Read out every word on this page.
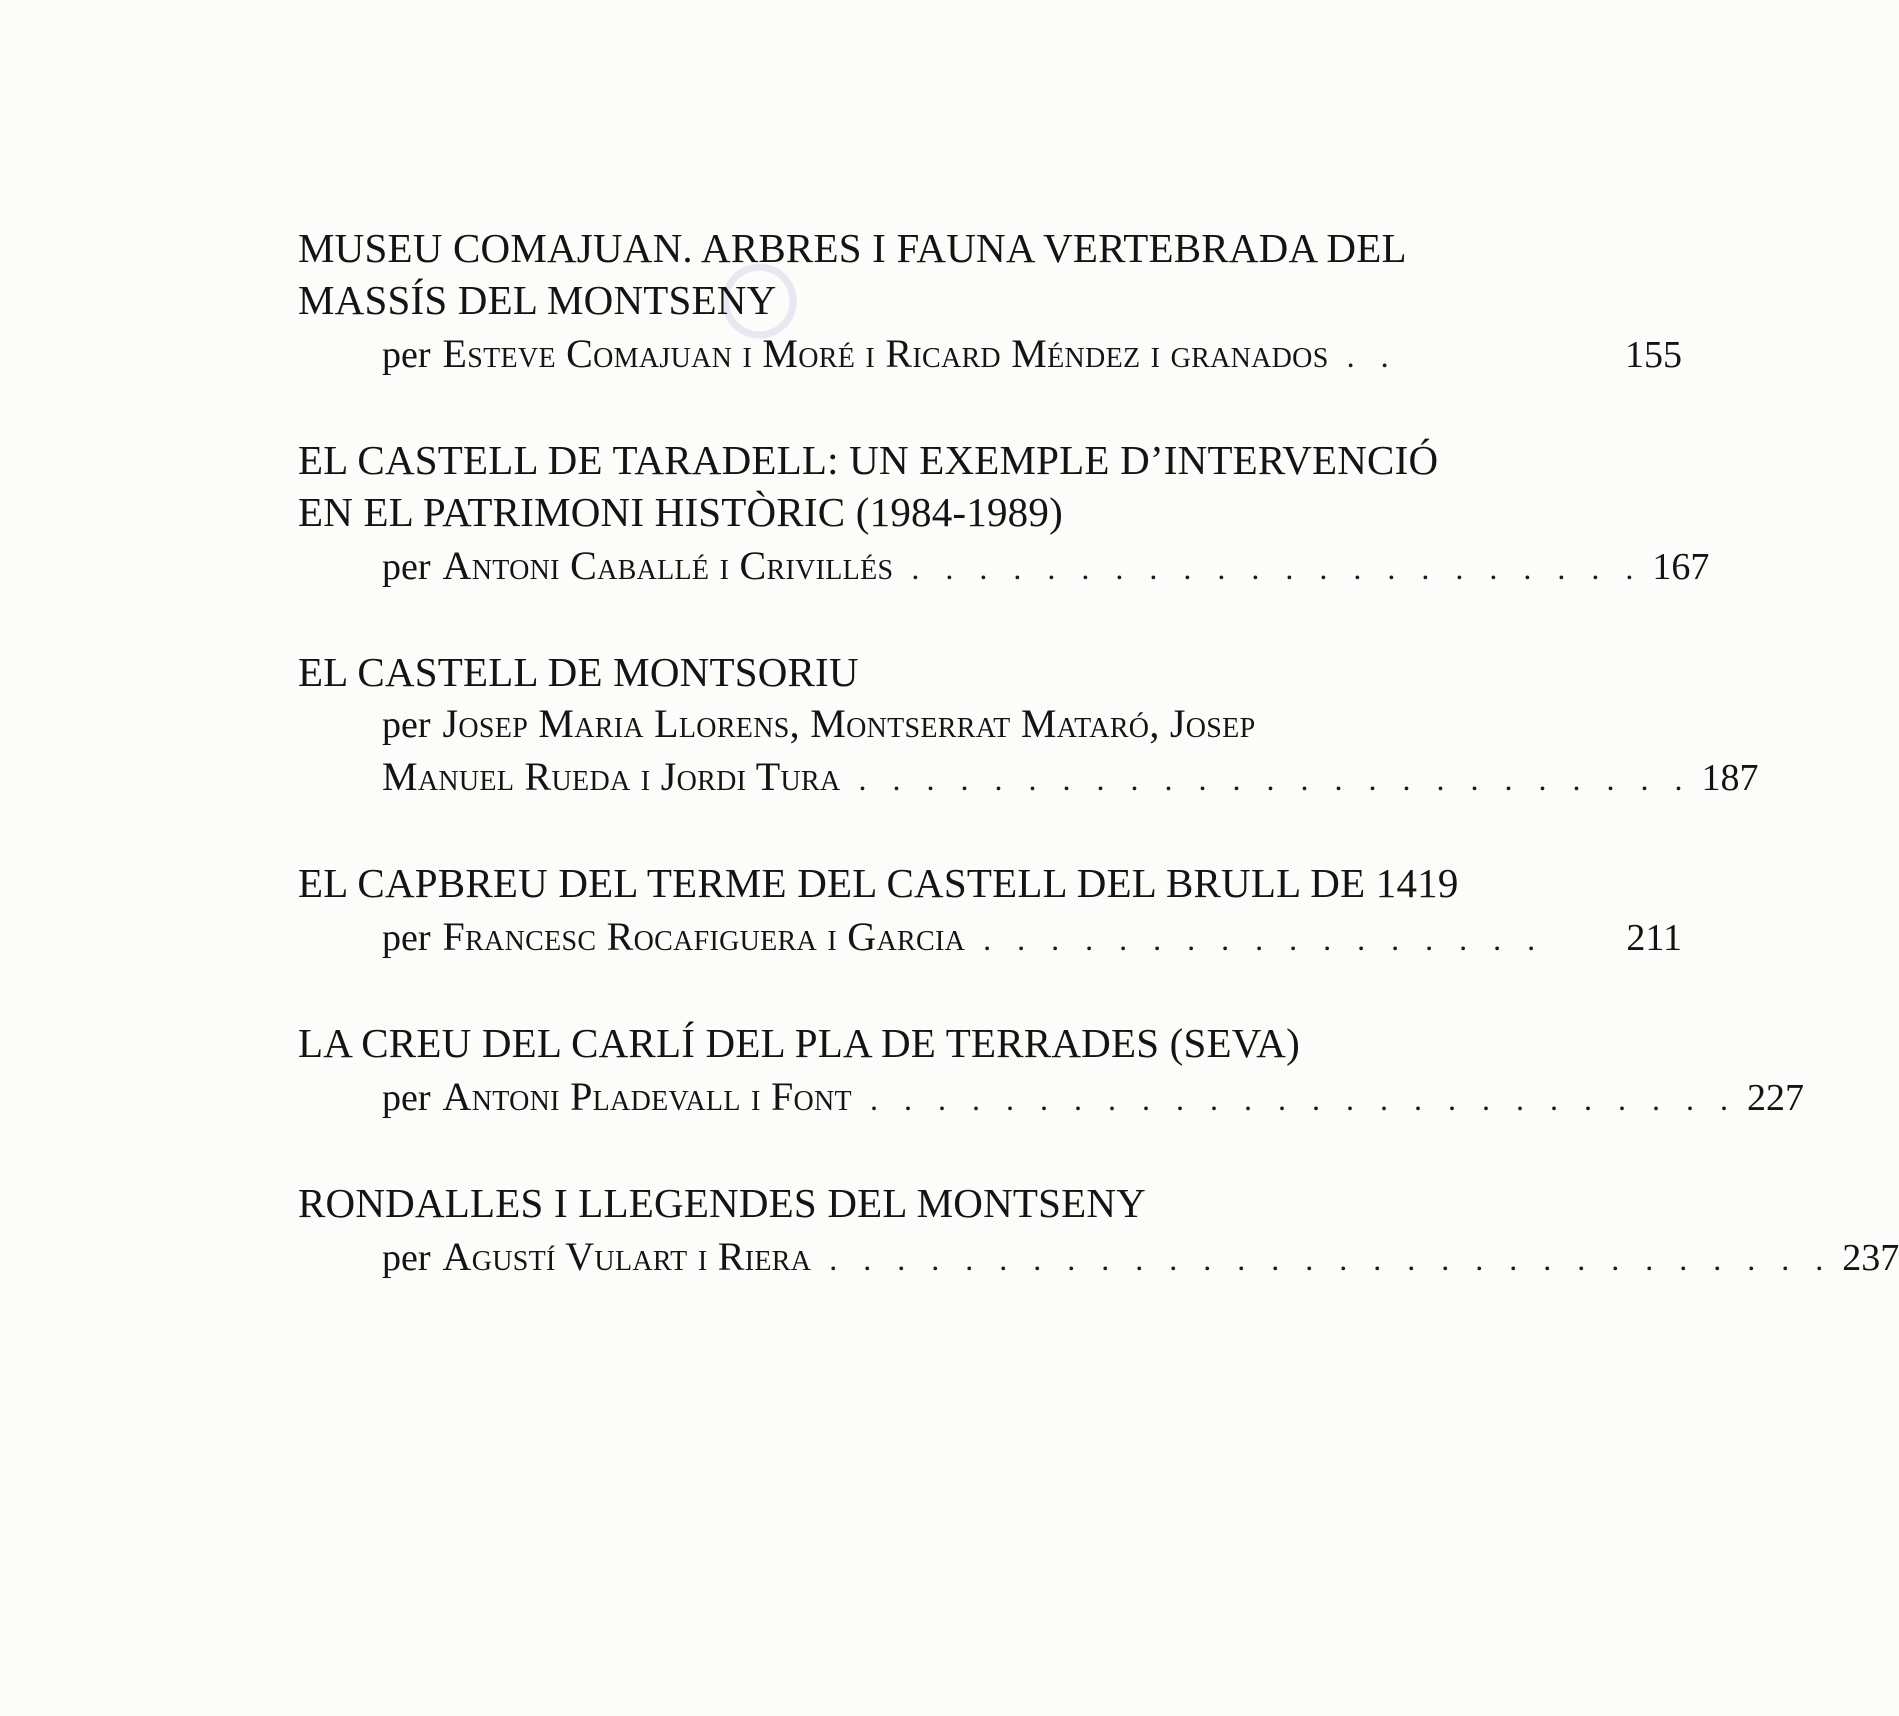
○
MUSEU COMAJUAN. ARBRES I FAUNA VERTEBRADA DEL
MASSÍS DEL MONTSENY
per Esteve Comajuan i Moré i Ricard Méndez i granados . .	155
EL CASTELL DE TARADELL: UN EXEMPLE D’INTERVENCIÓ
EN EL PATRIMONI HISTÒRIC (1984-1989)
per Antoni Caballé i Crivillés . . . . . . . . . . . . . . . . . . . . . . 167
EL CASTELL DE MONTSORIU
per Josep Maria Llorens, Montserrat Mataró, Josep
Manuel Rueda i Jordi Tura . . . . . . . . . . . . . . . . . . . . . . . . . 187
EL CAPBREU DEL TERME DEL CASTELL DEL BRULL DE 1419
per Francesc Rocafiguera i Garcia . . . . . . . . . . . . . . . . .	211
LA CREU DEL CARLÍ DEL PLA DE TERRADES (SEVA)
per Antoni Pladevall i Font . . . . . . . . . . . . . . . . . . . . . . . . . . 227
RONDALLES I LLEGENDES DEL MONTSENY
per Agustí Vulart i Riera . . . . . . . . . . . . . . . . . . . . . . . . . . . . . . 237
